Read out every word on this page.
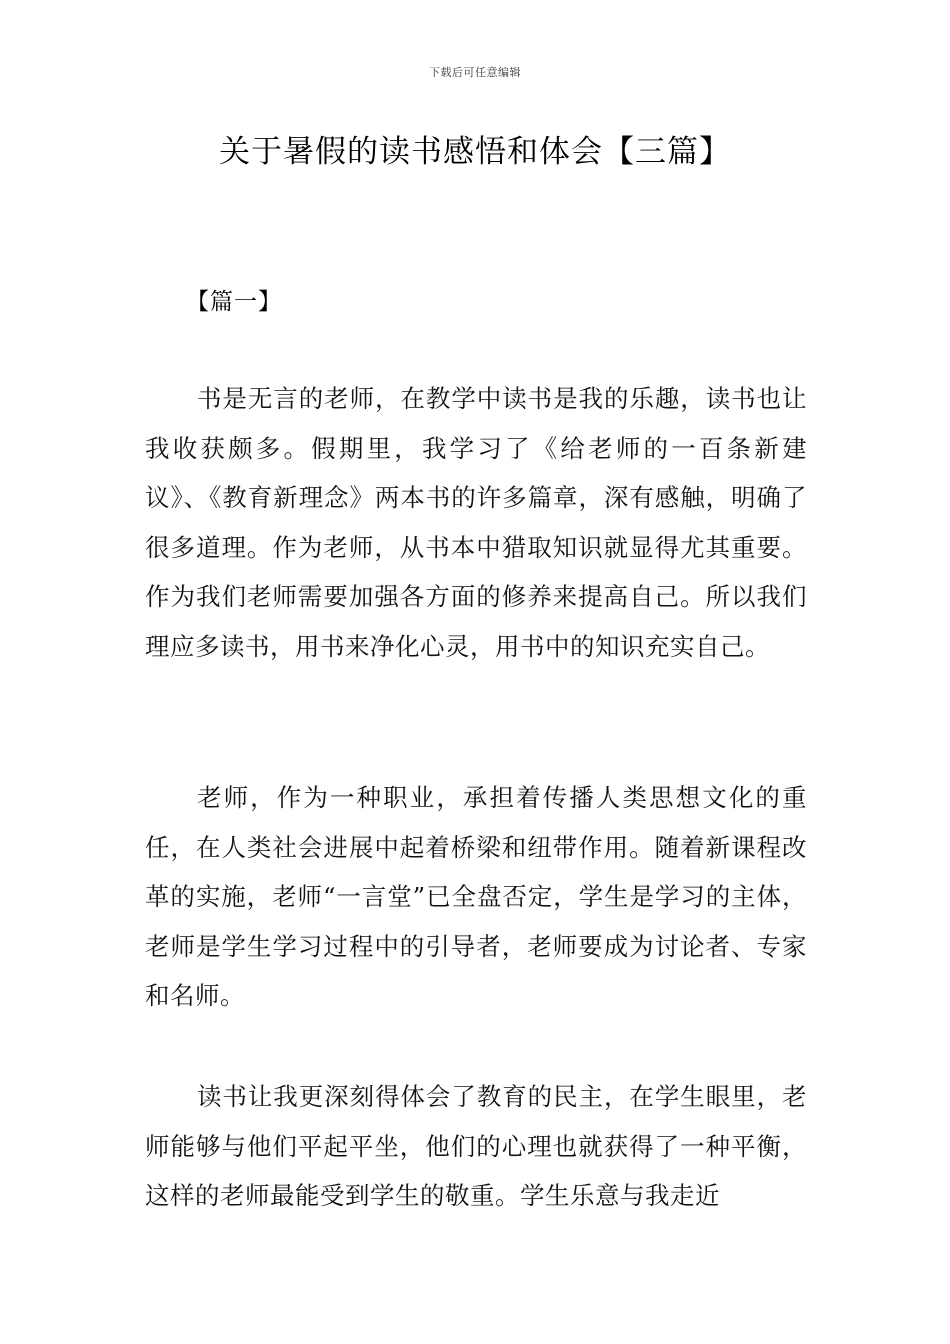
下载后可任意编辑
关于暑假的读书感悟和体会【三篇】
【篇一】

书是无言的老师，在教学中读书是我的乐趣，读书也让我收获颇多。假期里，我学习了《给老师的一百条新建议》、《教育新理念》两本书的许多篇章，深有感触，明确了很多道理。作为老师，从书本中猎取知识就显得尤其重要。作为我们老师需要加强各方面的修养来提高自己。所以我们理应多读书，用书来净化心灵，用书中的知识充实自己。

老师，作为一种职业，承担着传播人类思想文化的重任，在人类社会进展中起着桥梁和纽带作用。随着新课程改革的实施，老师“一言堂”已全盘否定，学生是学习的主体，老师是学生学习过程中的引导者，老师要成为讨论者、专家和名师。

读书让我更深刻得体会了教育的民主，在学生眼里，老师能够与他们平起平坐，他们的心理也就获得了一种平衡，这样的老师最能受到学生的敬重。学生乐意与我走近
